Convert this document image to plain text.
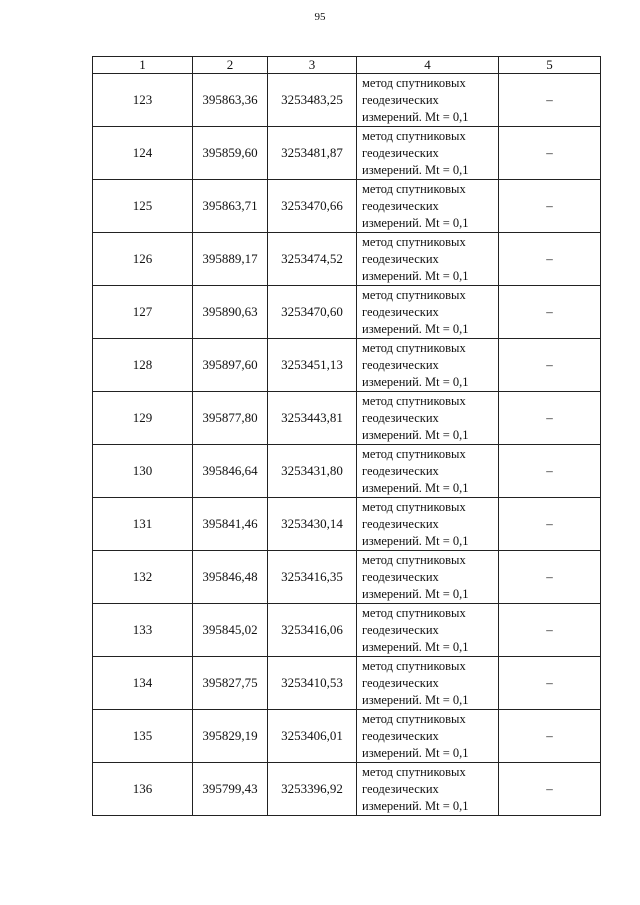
95
1	2	3	4	5
123	395863,36	3253483,25	метод спутниковых
геодезических
измерений. Mt = 0,1	–
124	395859,60	3253481,87	метод спутниковых
геодезических
измерений. Mt = 0,1	–
125	395863,71	3253470,66	метод спутниковых
геодезических
измерений. Mt = 0,1	–
126	395889,17	3253474,52	метод спутниковых
геодезических
измерений. Mt = 0,1	–
127	395890,63	3253470,60	метод спутниковых
геодезических
измерений. Mt = 0,1	–
128	395897,60	3253451,13	метод спутниковых
геодезических
измерений. Mt = 0,1	–
129	395877,80	3253443,81	метод спутниковых
геодезических
измерений. Mt = 0,1	–
130	395846,64	3253431,80	метод спутниковых
геодезических
измерений. Mt = 0,1	–
131	395841,46	3253430,14	метод спутниковых
геодезических
измерений. Mt = 0,1	–
132	395846,48	3253416,35	метод спутниковых
геодезических
измерений. Mt = 0,1	–
133	395845,02	3253416,06	метод спутниковых
геодезических
измерений. Mt = 0,1	–
134	395827,75	3253410,53	метод спутниковых
геодезических
измерений. Mt = 0,1	–
135	395829,19	3253406,01	метод спутниковых
геодезических
измерений. Mt = 0,1	–
136	395799,43	3253396,92	метод спутниковых
геодезических
измерений. Mt = 0,1	–
